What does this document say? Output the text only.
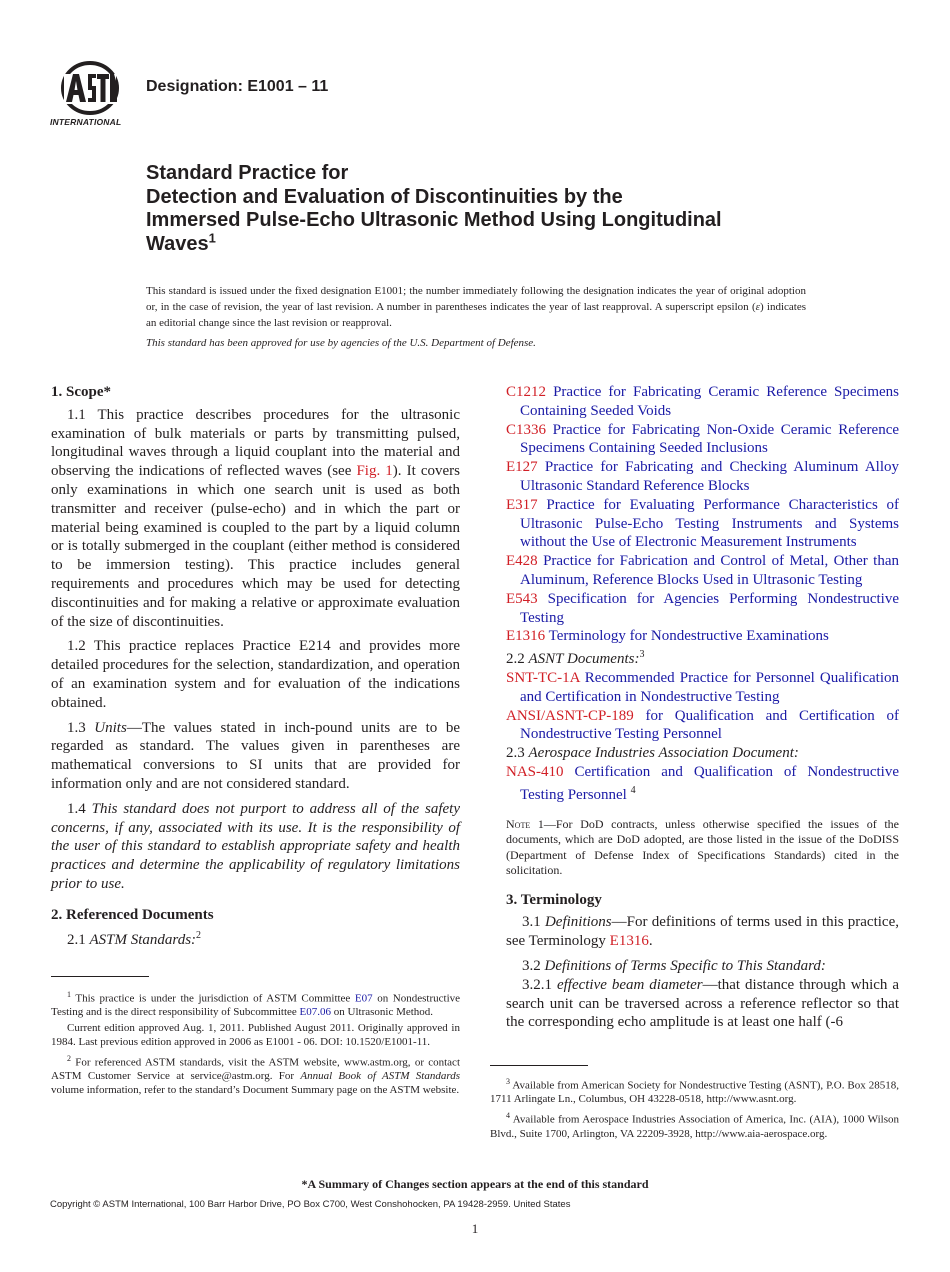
INTERNATIONAL
Designation: E1001 – 11
Standard Practice for
Detection and Evaluation of Discontinuities by the
Immersed Pulse-Echo Ultrasonic Method Using Longitudinal
Waves$^1$
This standard is issued under the fixed designation E1001; the number immediately following the designation indicates the year of original adoption or, in the case of revision, the year of last revision. A number in parentheses indicates the year of last reapproval. A superscript epsilon (ε) indicates an editorial change since the last revision or reapproval.
This standard has been approved for use by agencies of the U.S. Department of Defense.
1. Scope*

1.1 This practice describes procedures for the ultrasonic examination of bulk materials or parts by transmitting pulsed, longitudinal waves through a liquid couplant into the material and observing the indications of reflected waves (see Fig. 1). It covers only examinations in which one search unit is used as both transmitter and receiver (pulse-echo) and in which the part or material being examined is coupled to the part by a liquid column or is totally submerged in the couplant (either method is considered to be immersion testing). This practice includes general requirements and procedures which may be used for detecting discontinuities and for making a relative or approximate evaluation of the size of discontinuities.

1.2 This practice replaces Practice E214 and provides more detailed procedures for the selection, standardization, and operation of an examination system and for evaluation of the indications obtained.

1.3 Units—The values stated in inch-pound units are to be regarded as standard. The values given in parentheses are mathematical conversions to SI units that are provided for information only and are not considered standard.

1.4 This standard does not purport to address all of the safety concerns, if any, associated with its use. It is the responsibility of the user of this standard to establish appropriate safety and health practices and determine the applicability of regulatory limitations prior to use.

2. Referenced Documents

2.1 ASTM Standards:$^2$

$^1$ This practice is under the jurisdiction of ASTM Committee E07 on Nondestructive Testing and is the direct responsibility of Subcommittee E07.06 on Ultrasonic Method.

Current edition approved Aug. 1, 2011. Published August 2011. Originally approved in 1984. Last previous edition approved in 2006 as E1001 - 06. DOI: 10.1520/E1001-11.

$^2$ For referenced ASTM standards, visit the ASTM website, www.astm.org, or contact ASTM Customer Service at service@astm.org. For Annual Book of ASTM Standards volume information, refer to the standard’s Document Summary page on the ASTM website.

C1212 Practice for Fabricating Ceramic Reference Specimens Containing Seeded Voids

C1336 Practice for Fabricating Non-Oxide Ceramic Reference Specimens Containing Seeded Inclusions

E127 Practice for Fabricating and Checking Aluminum Alloy Ultrasonic Standard Reference Blocks

E317 Practice for Evaluating Performance Characteristics of Ultrasonic Pulse-Echo Testing Instruments and Systems without the Use of Electronic Measurement Instruments

E428 Practice for Fabrication and Control of Metal, Other than Aluminum, Reference Blocks Used in Ultrasonic Testing

E543 Specification for Agencies Performing Nondestructive Testing

E1316 Terminology for Nondestructive Examinations

2.2 ASNT Documents:$^3$

SNT-TC-1A Recommended Practice for Personnel Qualification and Certification in Nondestructive Testing

ANSI/ASNT-CP-189 for Qualification and Certification of Nondestructive Testing Personnel

2.3 Aerospace Industries Association Document:

NAS-410 Certification and Qualification of Nondestructive Testing Personnel $^4$

Note 1—For DoD contracts, unless otherwise specified the issues of the documents, which are DoD adopted, are those listed in the issue of the DoDISS (Department of Defense Index of Specifications Standards) cited in the solicitation.

3. Terminology

3.1 Definitions—For definitions of terms used in this practice, see Terminology E1316.

3.2 Definitions of Terms Specific to This Standard:

3.2.1 effective beam diameter—that distance through which a search unit can be traversed across a reference reflector so that the corresponding echo amplitude is at least one half (-6

$^3$ Available from American Society for Nondestructive Testing (ASNT), P.O. Box 28518, 1711 Arlingate Ln., Columbus, OH 43228-0518, http://www.asnt.org.

$^4$ Available from Aerospace Industries Association of America, Inc. (AIA), 1000 Wilson Blvd., Suite 1700, Arlington, VA 22209-3928, http://www.aia-aerospace.org.

*A Summary of Changes section appears at the end of this standard
Copyright © ASTM International, 100 Barr Harbor Drive, PO Box C700, West Conshohocken, PA 19428-2959. United States
1
